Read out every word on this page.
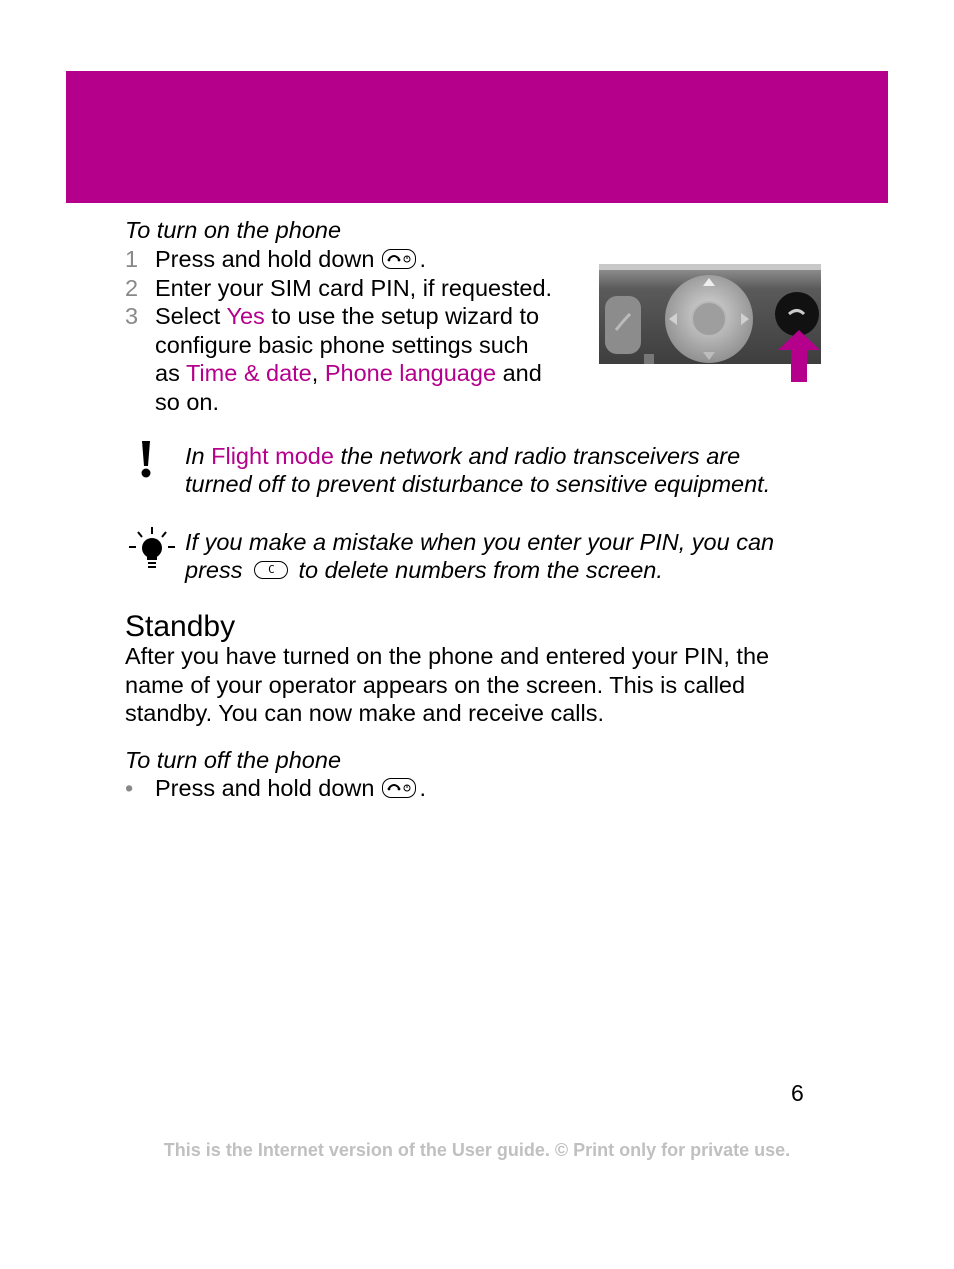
To turn on the phone
1 Press and hold down .
2 Enter your SIM card PIN, if requested.
3 Select Yes to use the setup wizard to
configure basic phone settings such
as Time & date, Phone language and
so on.
In Flight mode the network and radio transceivers are
turned off to prevent disturbance to sensitive equipment.
If you make a mistake when you enter your PIN, you can
press	C	to delete numbers from the screen.
Standby
After you have turned on the phone and entered your PIN, the
name of your operator appears on the screen. This is called
standby. You can now make and receive calls.
To turn off the phone
• Press and hold down .
6
This is the Internet version of the User guide. © Print only for private use.
